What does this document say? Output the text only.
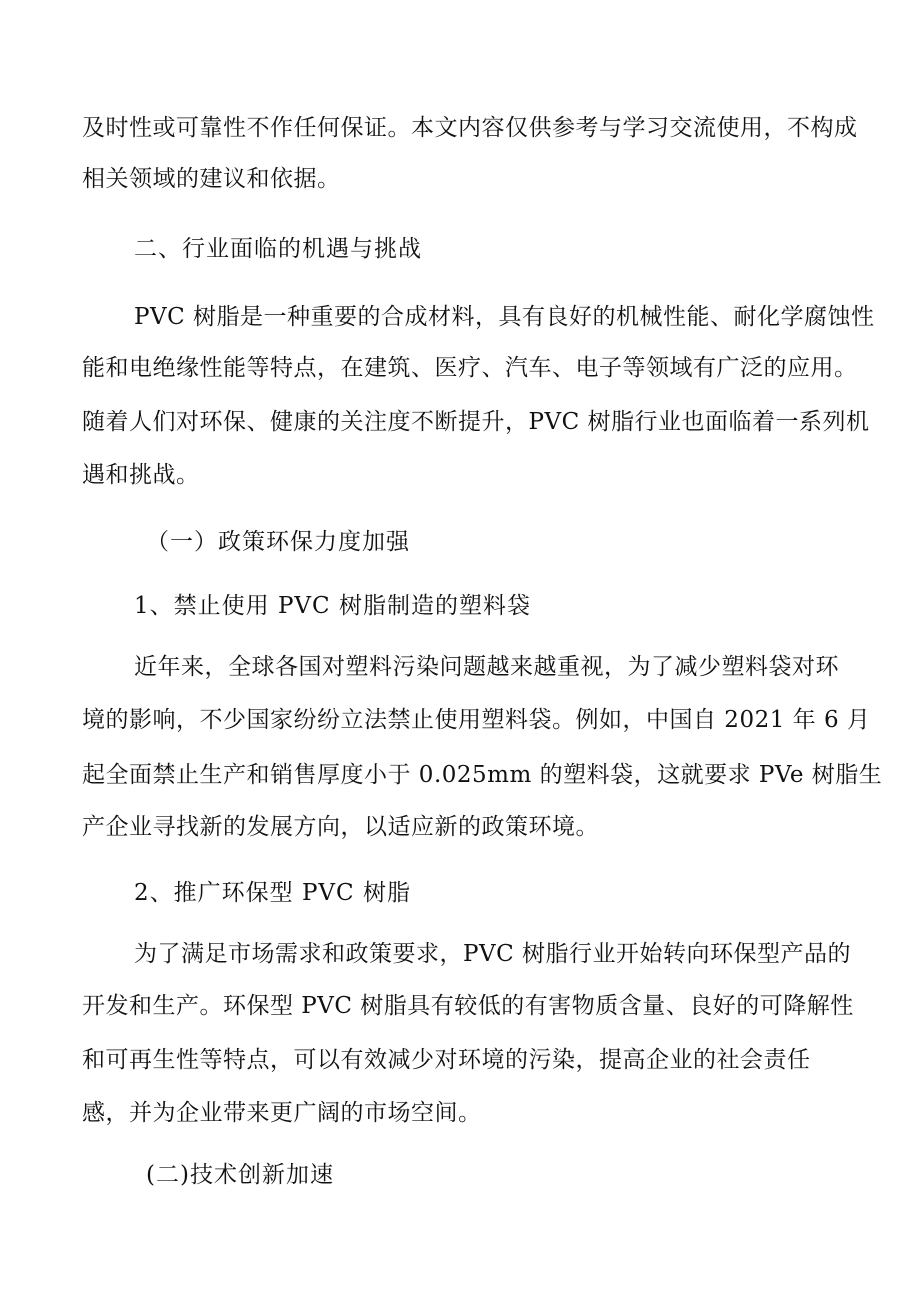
及时性或可靠性不作任何保证。本文内容仅供参考与学习交流使用，不构成
相关领域的建议和依据。
二、行业面临的机遇与挑战
PVC 树脂是一种重要的合成材料，具有良好的机械性能、耐化学腐蚀性
能和电绝缘性能等特点，在建筑、医疗、汽车、电子等领域有广泛的应用。
随着人们对环保、健康的关注度不断提升，PVC 树脂行业也面临着一系列机
遇和挑战。
（一）政策环保力度加强
1、禁止使用 PVC 树脂制造的塑料袋
近年来，全球各国对塑料污染问题越来越重视，为了减少塑料袋对环
境的影响，不少国家纷纷立法禁止使用塑料袋。例如，中国自 2021 年 6 月
起全面禁止生产和销售厚度小于 0.025mm 的塑料袋，这就要求 PVe 树脂生
产企业寻找新的发展方向，以适应新的政策环境。
2、推广环保型 PVC 树脂
为了满足市场需求和政策要求，PVC 树脂行业开始转向环保型产品的
开发和生产。环保型 PVC 树脂具有较低的有害物质含量、良好的可降解性
和可再生性等特点，可以有效减少对环境的污染，提高企业的社会责任
感，并为企业带来更广阔的市场空间。
(二)技术创新加速
